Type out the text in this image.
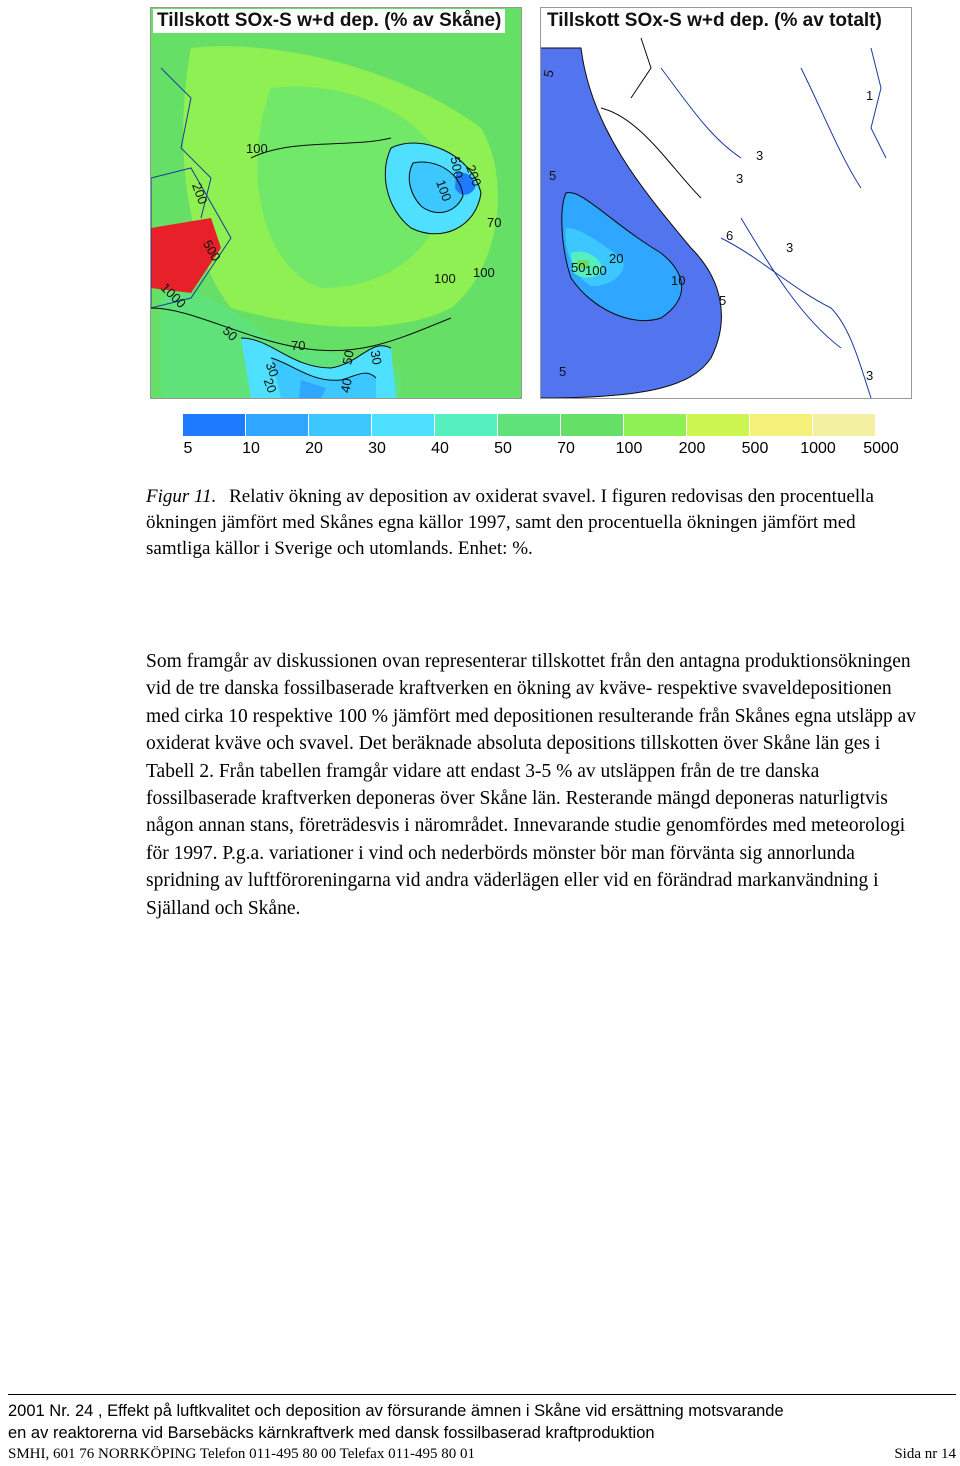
Tillskott SOx-S w+d dep. (% av Skåne)
100
200
500
1000
500
200
100
70
100 100
50
70
30
20	40
50 30
Tillskott SOx-S w+d dep. (% av totalt)
5
1
3
3
5
3
6
20
50 100
10
5
5	3
5	10	20	30	40	50	70	100 200 500 1000 5000
Figur 11. Relativ ökning av deposition av oxiderat svavel. I figuren redovisas den procentuella ökningen jämfört med Skånes egna källor 1997, samt den procentuella ökningen jämfört med samtliga källor i Sverige och utomlands. Enhet: %.

Som framgår av diskussionen ovan representerar tillskottet från den antagna produktionsökningen vid de tre danska fossilbaserade kraftverken en ökning av kväve- respektive svaveldepositionen med cirka 10 respektive 100 % jämfört med depositionen resulterande från Skånes egna utsläpp av oxiderat kväve och svavel. Det beräknade absoluta depositions tillskotten över Skåne län ges i Tabell 2. Från tabellen framgår vidare att endast 3-5 % av utsläppen från de tre danska fossilbaserade kraftverken deponeras över Skåne län. Resterande mängd deponeras naturligtvis någon annan stans, företrädesvis i närområdet. Innevarande studie genomfördes med meteorologi för 1997. P.g.a. variationer i vind och nederbörds mönster bör man förvänta sig annorlunda spridning av luftföroreningarna vid andra väderlägen eller vid en förändrad markanvändning i Själland och Skåne.

2001 Nr. 24 , Effekt på luftkvalitet och deposition av försurande ämnen i Skåne vid ersättning motsvarande
en av reaktorerna vid Barsebäcks kärnkraftverk med dansk fossilbaserad kraftproduktion
SMHI, 601 76 NORRKÖPING Telefon 011-495 80 00 Telefax 011-495 80 01	Sida nr 14
